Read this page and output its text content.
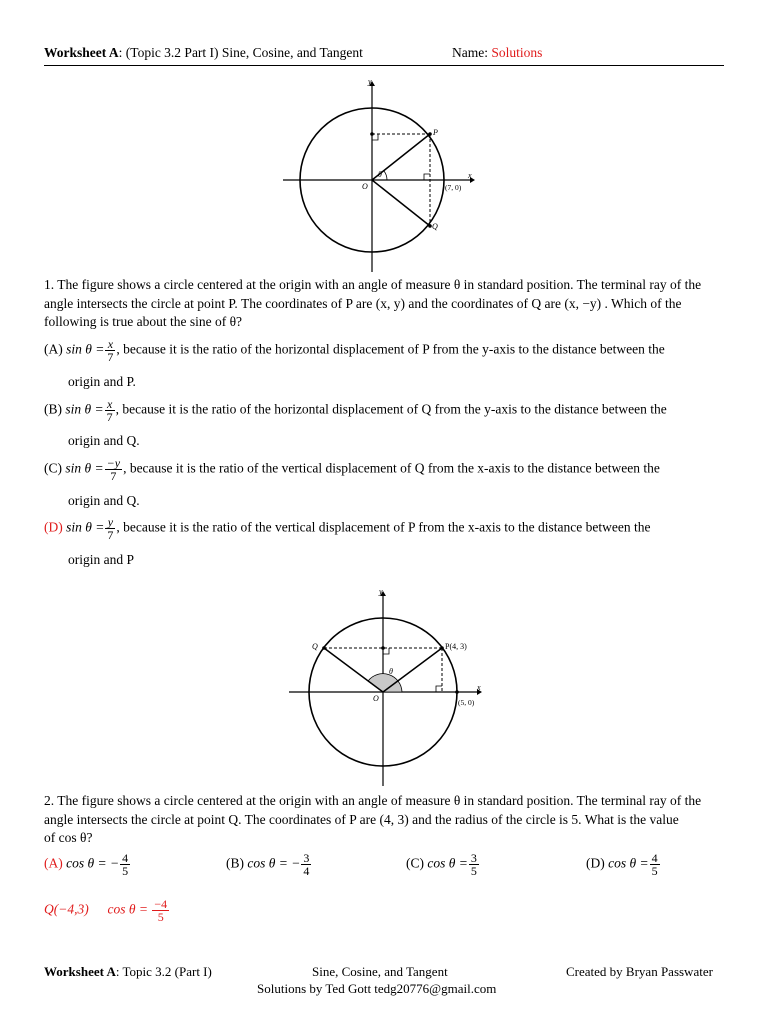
Worksheet A: (Topic 3.2 Part I) Sine, Cosine, and Tangent	Name: Solutions
θ
y
x
P
Q
O	(7, 0)
1. The figure shows a circle centered at the origin with an angle of measure θ in standard position. The terminal ray of the
angle intersects the circle at point P. The coordinates of P are (x, y) and the coordinates of Q are (x, −y) . Which of the
following is true about the sine of θ?
(A) $\sin \theta = \frac{x}{7}$ , because it is the ratio of the horizontal displacement of P from the y-axis to the distance between the
origin and P.
(B) $\sin \theta = \frac{x}{7}$ , because it is the ratio of the horizontal displacement of Q from the y-axis to the distance between the
origin and Q.
(C) $\sin \theta = \frac{-y}{7}$ , because it is the ratio of the vertical displacement of Q from the x-axis to the distance between the
origin and Q.
(D) $\sin \theta = \frac{y}{7}$ , because it is the ratio of the vertical displacement of P from the x-axis to the distance between the
origin and P
y
x
Q	P(4, 3)
O
θ
(5, 0)
2. The figure shows a circle centered at the origin with an angle of measure θ in standard position. The terminal ray of the
angle intersects the circle at point Q. The coordinates of P are (4, 3) and the radius of the circle is 5. What is the value
of cos θ?
(A) cos θ = − $\frac{4}{5}$	(B) cos θ = − $\frac{3}{4}$	(C) $\cos \theta = \frac{3}{5}$	(D) $\cos \theta = \frac{4}{5}$
Q(−4,3) $\cos \theta = \frac{-4}{5}$
Worksheet A: Topic 3.2 (Part I)	Sine, Cosine, and Tangent	Created by Bryan Passwater
Solutions by Ted Gott tedg20776@gmail.com
